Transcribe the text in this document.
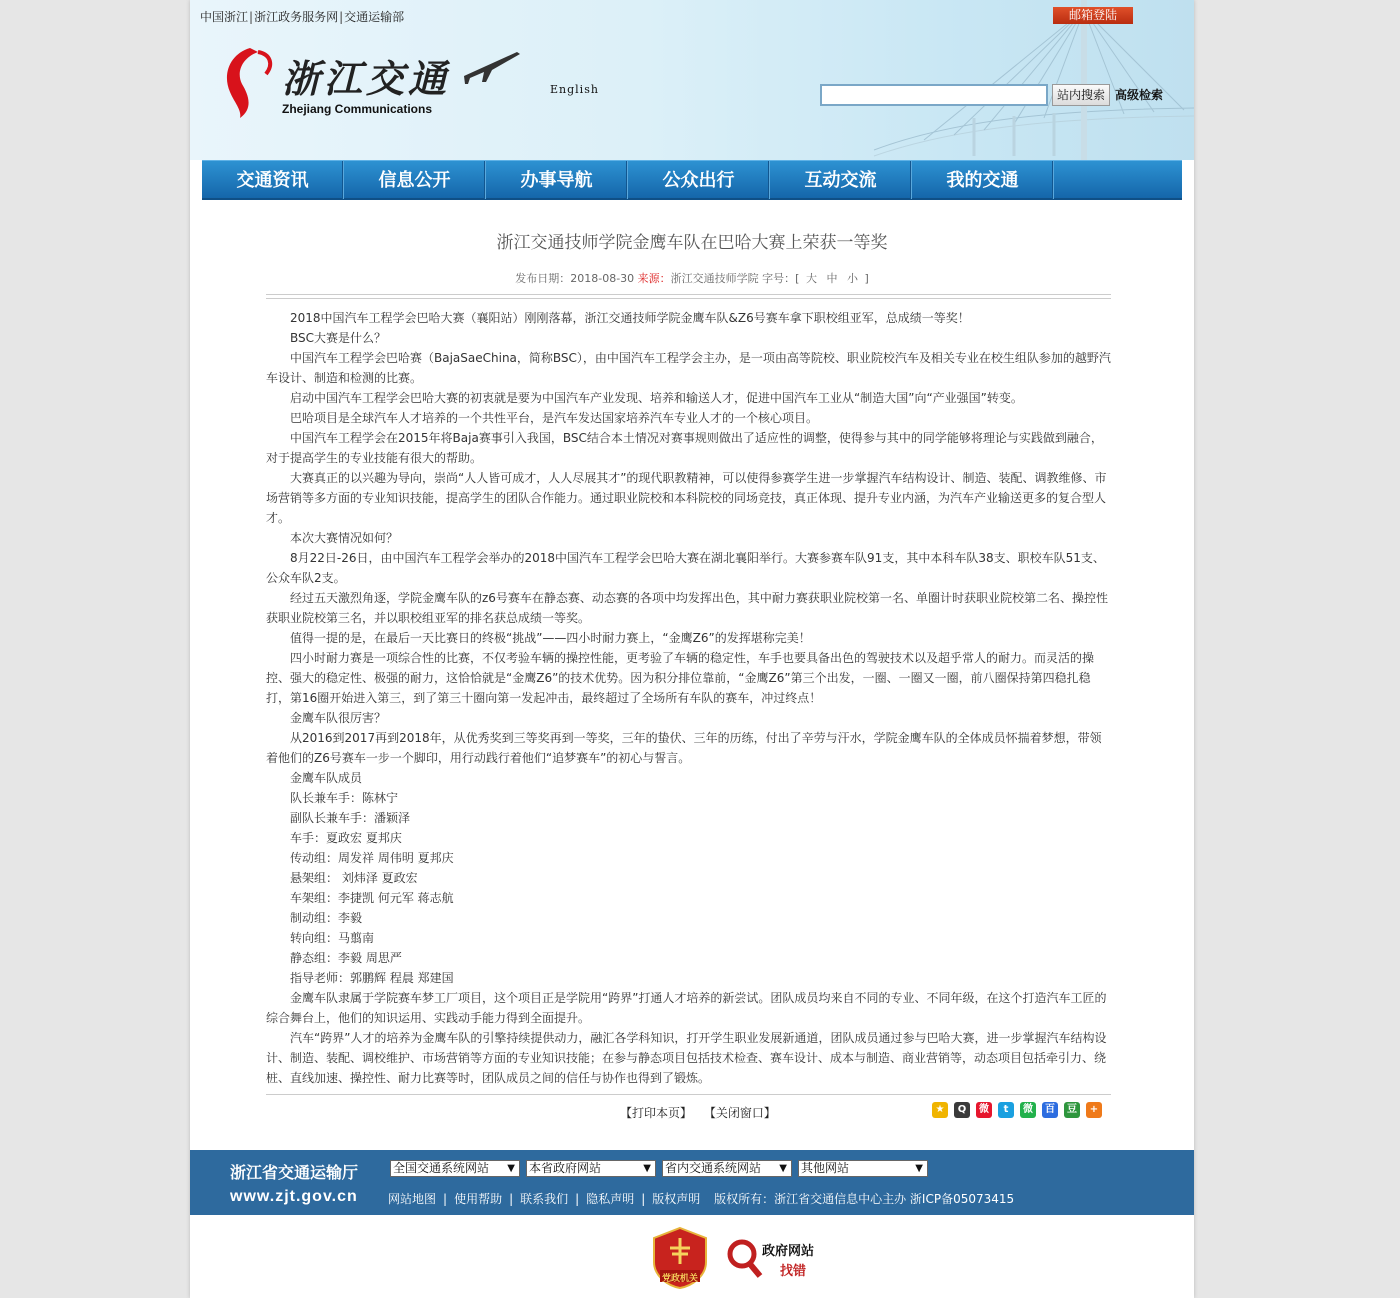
中国浙江|浙江政务服务网|交通运输部	邮箱登陆
浙江交通
Zhejiang Communications
English	站内搜索 高级检索
交通资讯	信息公开	办事导航	公众出行	互动交流	我的交通
浙江交通技师学院金鹰车队在巴哈大赛上荣获一等奖
发布日期：2018-08-30 来源：浙江交通技师学院 字号：[ 大 中 小 ]

2018中国汽车工程学会巴哈大赛（襄阳站）刚刚落幕，浙江交通技师学院金鹰车队&Z6号赛车拿下职校组亚军，总成绩一等奖！

BSC大赛是什么？

中国汽车工程学会巴哈赛（BajaSaeChina，简称BSC），由中国汽车工程学会主办，是一项由高等院校、职业院校汽车及相关专业在校生组队参加的越野汽车设计、制造和检测的比赛。

启动中国汽车工程学会巴哈大赛的初衷就是要为中国汽车产业发现、培养和输送人才，促进中国汽车工业从“制造大国”向“产业强国”转变。

巴哈项目是全球汽车人才培养的一个共性平台，是汽车发达国家培养汽车专业人才的一个核心项目。

中国汽车工程学会在2015年将Baja赛事引入我国，BSC结合本土情况对赛事规则做出了适应性的调整，使得参与其中的同学能够将理论与实践做到融合，对于提高学生的专业技能有很大的帮助。

大赛真正的以兴趣为导向，崇尚“人人皆可成才，人人尽展其才”的现代职教精神，可以使得参赛学生进一步掌握汽车结构设计、制造、装配、调教维修、市场营销等多方面的专业知识技能，提高学生的团队合作能力。通过职业院校和本科院校的同场竞技，真正体现、提升专业内涵，为汽车产业输送更多的复合型人才。

本次大赛情况如何？

8月22日-26日，由中国汽车工程学会举办的2018中国汽车工程学会巴哈大赛在湖北襄阳举行。大赛参赛车队91支，其中本科车队38支、职校车队51支、公众车队2支。

经过五天激烈角逐，学院金鹰车队的z6号赛车在静态赛、动态赛的各项中均发挥出色，其中耐力赛获职业院校第一名、单圈计时获职业院校第二名、操控性获职业院校第三名，并以职校组亚军的排名获总成绩一等奖。

值得一提的是，在最后一天比赛日的终极“挑战”——四小时耐力赛上，“金鹰Z6”的发挥堪称完美！

四小时耐力赛是一项综合性的比赛，不仅考验车辆的操控性能，更考验了车辆的稳定性，车手也要具备出色的驾驶技术以及超乎常人的耐力。而灵活的操控、强大的稳定性、极强的耐力，这恰恰就是“金鹰Z6”的技术优势。因为积分排位靠前，“金鹰Z6”第三个出发，一圈、一圈又一圈，前八圈保持第四稳扎稳打，第16圈开始进入第三，到了第三十圈向第一发起冲击，最终超过了全场所有车队的赛车，冲过终点！

金鹰车队很厉害？

从2016到2017再到2018年，从优秀奖到三等奖再到一等奖，三年的蛰伏、三年的历练，付出了辛劳与汗水，学院金鹰车队的全体成员怀揣着梦想，带领着他们的Z6号赛车一步一个脚印，用行动践行着他们“追梦赛车”的初心与誓言。

金鹰车队成员

队长兼车手：陈林宁

副队长兼车手：潘颖泽

车手：夏政宏 夏邦庆

传动组：周发祥 周伟明 夏邦庆

悬架组： 刘炜泽 夏政宏

车架组：李捷凯 何元军 蒋志航

制动组：李毅

转向组：马翦南

静态组：李毅 周思严

指导老师：郭鹏辉 程晨 郑建国

金鹰车队隶属于学院赛车梦工厂项目，这个项目正是学院用“跨界”打通人才培养的新尝试。团队成员均来自不同的专业、不同年级，在这个打造汽车工匠的综合舞台上，他们的知识运用、实践动手能力得到全面提升。

汽车“跨界”人才的培养为金鹰车队的引擎持续提供动力，融汇各学科知识，打开学生职业发展新通道，团队成员通过参与巴哈大赛，进一步掌握汽车结构设计、制造、装配、调校维护、市场营销等方面的专业知识技能；在参与静态项目包括技术检查、赛车设计、成本与制造、商业营销等，动态项目包括牵引力、绕桩、直线加速、操控性、耐力比赛等时，团队成员之间的信任与协作也得到了锻炼。

【打印本页】 【关闭窗口】	★	Q	微	t	微	百	豆	+
浙江省交通运输厅
www.zjt.gov.cn
全国交通系统网站 ▼ 本省政府网站	▼ 省内交通系统网站 ▼ 其他网站	▼
网站地图 | 使用帮助 | 联系我们 | 隐私声明 | 版权声明 版权所有：浙江省交通信息中心主办 浙ICP备05073415
党政机关
政府网站
找错
